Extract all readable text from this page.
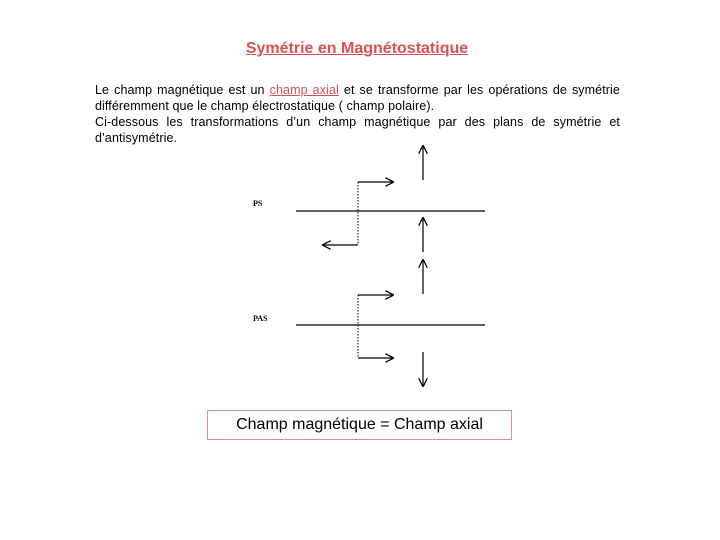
Symétrie en Magnétostatique

Le champ magnétique est un champ axial et se transforme par les opérations de symétrie différemment que le champ électrostatique ( champ polaire).

Ci-dessous les transformations d’un champ magnétique par des plans de symétrie et d’antisymétrie.

PS
PAS
Champ magnétique = Champ axial
